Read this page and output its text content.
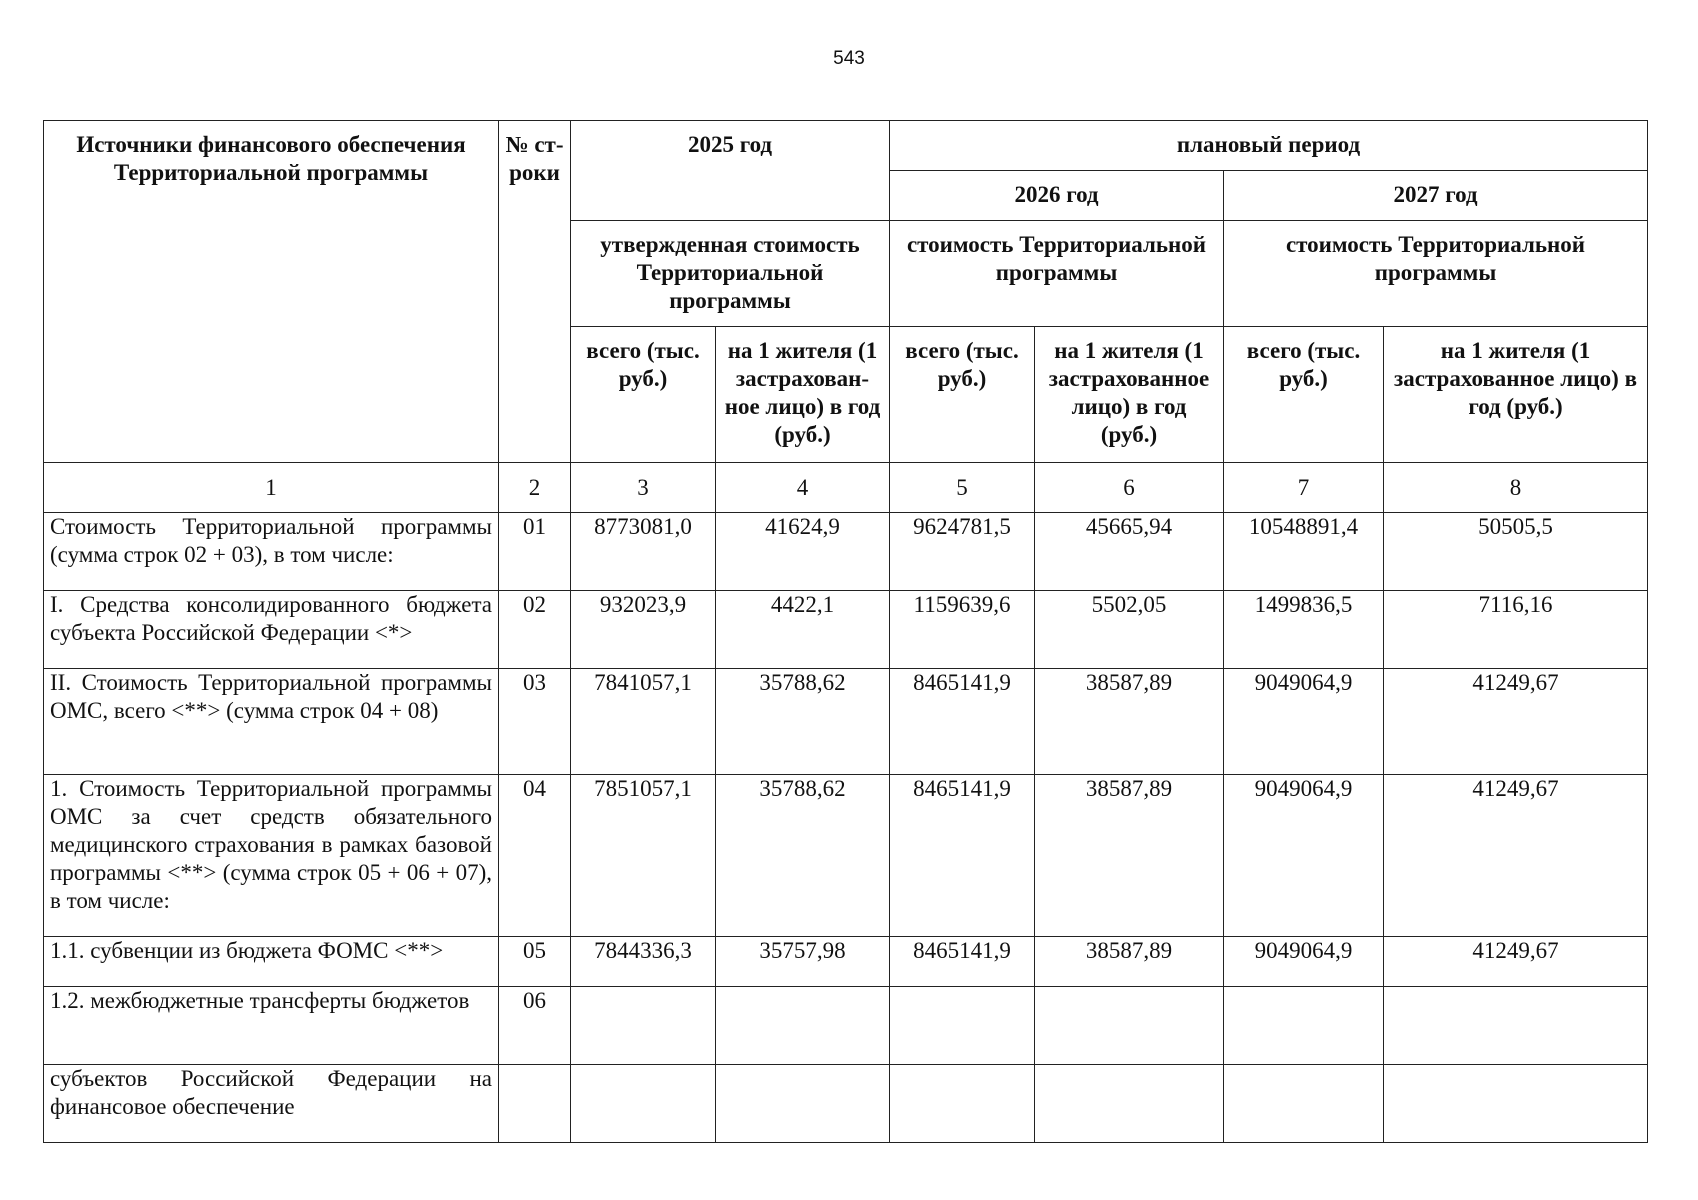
543
Источники финансового обеспечения Территориальной программы	№ ст- роки	2025 год		плановый период			
				2026 год		2027 год	
		утвержденная стоимость Территориальной программы		стоимость Территориальной программы		стоимость Территориальной программы	
		всего (тыс. руб.)	на 1 жителя (1 застрахован- ное лицо) в год (руб.)	всего (тыс. руб.)	на 1 жителя (1 застрахованное лицо) в год (руб.)	всего (тыс. руб.)	на 1 жителя (1 застрахованное лицо) в год (руб.)
1	2	3	4	5	6	7	8
Стоимость Территориальной программы (сумма строк 02 + 03), в том числе:	01	8773081,0	41624,9	9624781,5	45665,94	10548891,4	50505,5
I. Средства консолидированного бюджета субъекта Российской Федерации <*>	02	932023,9	4422,1	1159639,6	5502,05	1499836,5	7116,16
II. Стоимость Территориальной программы ОМС, всего <**> (сумма строк 04 + 08)	03	7841057,1	35788,62	8465141,9	38587,89	9049064,9	41249,67
1. Стоимость Территориальной программы ОМС за счет средств обязательного медицинского страхования в рамках базовой программы <**> (сумма строк 05 + 06 + 07), в том числе:	04	7851057,1	35788,62	8465141,9	38587,89	9049064,9	41249,67
1.1. субвенции из бюджета ФОМС <**>	05	7844336,3	35757,98	8465141,9	38587,89	9049064,9	41249,67
1.2. межбюджетные трансферты бюджетов	06						
субъектов Российской Федерации на финансовое обеспечение							
